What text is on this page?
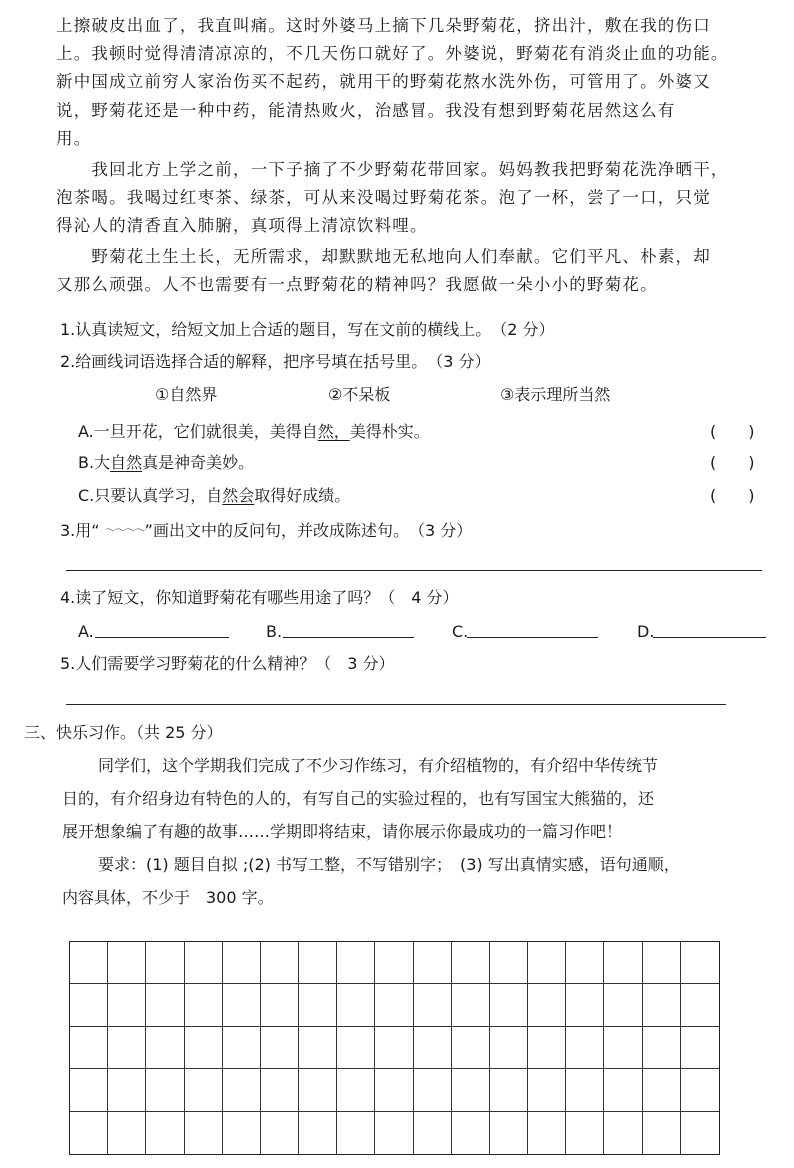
上擦破皮出血了，我直叫痛。这时外婆马上摘下几朵野菊花，挤出汁，敷在我的伤口
上。我顿时觉得清清凉凉的，不几天伤口就好了。外婆说，野菊花有消炎止血的功能。
新中国成立前穷人家治伤买不起药，就用干的野菊花熬水洗外伤，可管用了。外婆又
说，野菊花还是一种中药，能清热败火，治感冒。我没有想到野菊花居然这么有
用。
　　我回北方上学之前，一下子摘了不少野菊花带回家。妈妈教我把野菊花洗净晒干，
泡茶喝。我喝过红枣茶、绿茶，可从来没喝过野菊花茶。泡了一杯，尝了一口，只觉
得沁人的清香直入肺腑，真项得上清凉饮料哩。
　　野菊花土生土长，无所需求，却默默地无私地向人们奉献。它们平凡、朴素，却
又那么顽强。人不也需要有一点野菊花的精神吗？我愿做一朵小小的野菊花。
1.认真读短文，给短文加上合适的题目，写在文前的横线上。　（2 分）
2.给画线词语选择合适的解释，把序号填在括号里。　（3 分）
①自然界	②不呆板	③表示理所当然
A.一旦开花，它们就很美，美得自然，美得朴实。	(　　)
B.大自然真是神奇美妙。	(　　)
C.只要认真学习，自然会取得好成绩。	(　　)
3.用“ ～～～～”画出文中的反问句，并改成陈述句。　（3 分）
4.读了短文，你知道野菊花有哪些用途了吗？（　4 分）
A.	B.	C.	D.
5.人们需要学习野菊花的什么精神？（　3 分）
三、快乐习作。（共 25 分）
同学们，这个学期我们完成了不少习作练习，有介绍植物的，有介绍中华传统节
日的，有介绍身边有特色的人的，有写自己的实验过程的，也有写国宝大熊猫的，还
展开想象编了有趣的故事……学期即将结束，请你展示你最成功的一篇习作吧！
要求：(1) 题目自拟 ;(2) 书写工整，不写错别字；　(3) 写出真情实感，语句通顺，
内容具体，不少于　300 字。
